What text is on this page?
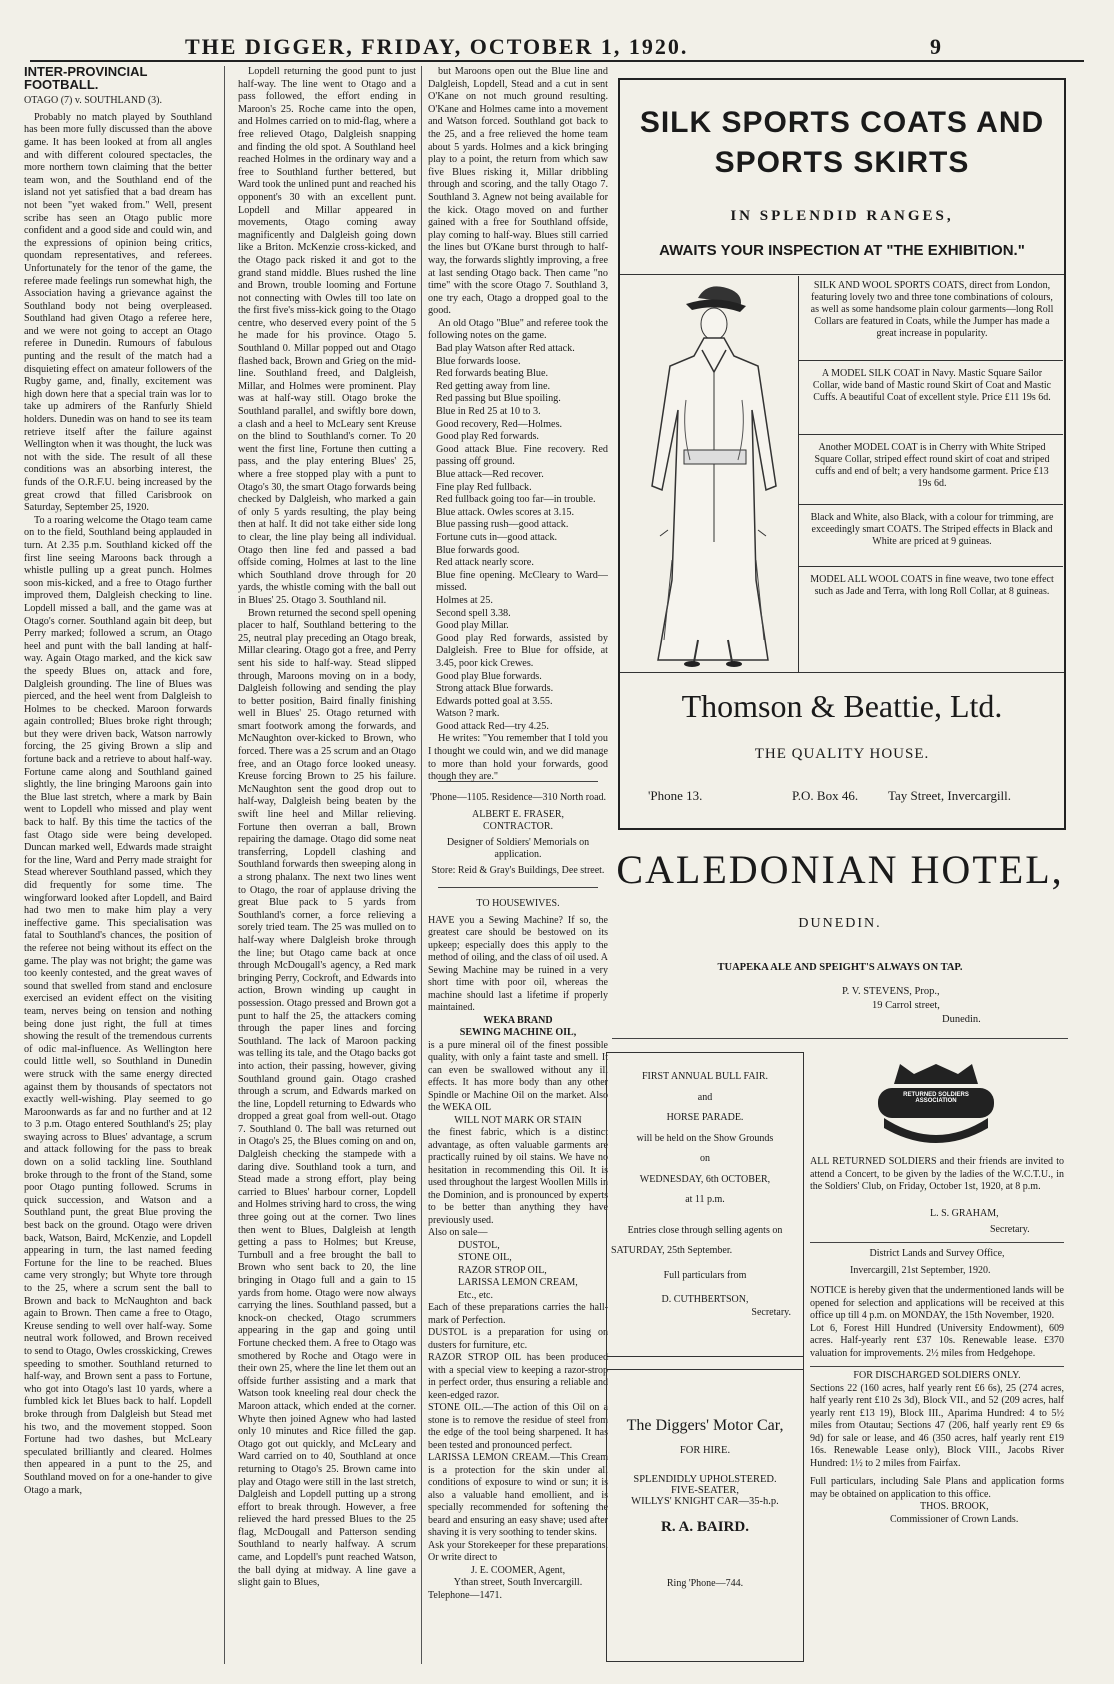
THE DIGGER, FRIDAY, OCTOBER 1, 1920.	9
INTER-PROVINCIAL FOOTBALL.
OTAGO (7) v. SOUTHLAND (3).

Probably no match played by Southland has been more fully discussed than the above game. It has been looked at from all angles and with different coloured spectacles, the more northern town claiming that the better team won, and the Southland end of the island not yet satisfied that a bad dream has not been "yet waked from." Well, present scribe has seen an Otago public more confident and a good side and could win, and the expressions of opinion being critics, quondam representatives, and referees. Unfortunately for the tenor of the game, the referee made feelings run somewhat high, the Association having a grievance against the Southland body not being overpleased. Southland had given Otago a referee here, and we were not going to accept an Otago referee in Dunedin. Rumours of fabulous punting and the result of the match had a disquieting effect on amateur followers of the Rugby game, and, finally, excitement was high down here that a special train was lor to take up admirers of the Ranfurly Shield holders. Dunedin was on hand to see its team retrieve itself after the failure against Wellington when it was thought, the luck was not with the side. The result of all these conditions was an absorbing interest, the funds of the O.R.F.U. being increased by the great crowd that filled Carisbrook on Saturday, September 25, 1920.

To a roaring welcome the Otago team came on to the field, Southland being applauded in turn. At 2.35 p.m. Southland kicked off the first line seeing Maroons back through a whistle pulling up a great punch. Holmes soon mis-kicked, and a free to Otago further improved them, Dalgleish checking to line. Lopdell missed a ball, and the game was at Otago's corner. Southland again bit deep, but Perry marked; followed a scrum, an Otago heel and punt with the ball landing at half-way. Again Otago marked, and the kick saw the speedy Blues on, attack and fore, Dalgleish grounding. The line of Blues was pierced, and the heel went from Dalgleish to Holmes to be checked. Maroon forwards again controlled; Blues broke right through; but they were driven back, Watson narrowly forcing, the 25 giving Brown a slip and fortune back and a retrieve to about half-way. Fortune came along and Southland gained slightly, the line bringing Maroons gain into the Blue last stretch, where a mark by Bain went to Lopdell who missed and play went back to half. By this time the tactics of the fast Otago side were being developed. Duncan marked well, Edwards made straight for the line, Ward and Perry made straight for Stead wherever Southland passed, which they did frequently for some time. The wingforward looked after Lopdell, and Baird had two men to make him play a very ineffective game. This specialisation was fatal to Southland's chances, the position of the referee not being without its effect on the game. The play was not bright; the game was too keenly contested, and the great waves of sound that swelled from stand and enclosure exercised an evident effect on the visiting team, nerves being on tension and nothing being done just right, the full at times showing the result of the tremendous currents of odic mal-influence. As Wellington here could little well, so Southland in Dunedin were struck with the same energy directed against them by thousands of spectators not exactly well-wishing. Play seemed to go Maroonwards as far and no further and at 12 to 3 p.m. Otago entered Southland's 25; play swaying across to Blues' advantage, a scrum and attack following for the pass to break down on a solid tackling line. Southland broke through to the front of the Stand, some poor Otago punting followed. Scrums in quick succession, and Watson and a Southland punt, the great Blue proving the best back on the ground. Otago were driven back, Watson, Baird, McKenzie, and Lopdell appearing in turn, the last named feeding Fortune for the line to be reached. Blues came very strongly; but Whyte tore through to the 25, where a scrum sent the ball to Brown and back to McNaughton and back again to Brown. Then came a free to Otago, Kreuse sending to well over half-way. Some neutral work followed, and Brown received to send to Otago, Owles crosskicking, Crewes speeding to smother. Southland returned to half-way, and Brown sent a pass to Fortune, who got into Otago's last 10 yards, where a fumbled kick let Blues back to half. Lopdell broke through from Dalgleish but Stead met his two, and the movement stopped. Soon Fortune had two dashes, but McLeary speculated brilliantly and cleared. Holmes then appeared in a punt to the 25, and Southland moved on for a one-hander to give Otago a mark,

Lopdell returning the good punt to just half-way. The line went to Otago and a pass followed, the effort ending in Maroon's 25. Roche came into the open, and Holmes carried on to mid-flag, where a free relieved Otago, Dalgleish snapping and finding the old spot. A Southland heel reached Holmes in the ordinary way and a free to Southland further bettered, but Ward took the unlined punt and reached his opponent's 30 with an excellent punt. Lopdell and Millar appeared in movements, Otago coming away magnificently and Dalgleish going down like a Briton. McKenzie cross-kicked, and the Otago pack risked it and got to the grand stand middle. Blues rushed the line and Brown, trouble looming and Fortune not connecting with Owles till too late on the first five's miss-kick going to the Otago centre, who deserved every point of the 5 he made for his province. Otago 5. Southland 0. Millar popped out and Otago flashed back, Brown and Grieg on the mid-line. Southland freed, and Dalgleish, Millar, and Holmes were prominent. Play was at half-way still. Otago broke the Southland parallel, and swiftly bore down, a clash and a heel to McLeary sent Kreuse on the blind to Southland's corner. To 20 went the first line, Fortune then cutting a pass, and the play entering Blues' 25, where a free stopped play with a punt to Otago's 30, the smart Otago forwards being checked by Dalgleish, who marked a gain of only 5 yards resulting, the play being then at half. It did not take either side long to clear, the line play being all individual. Otago then line fed and passed a bad offside coming, Holmes at last to the line which Southland drove through for 20 yards, the whistle coming with the ball out in Blues' 25. Otago 3. Southland nil.

Brown returned the second spell opening placer to half, Southland bettering to the 25, neutral play preceding an Otago break, Millar clearing. Otago got a free, and Perry sent his side to half-way. Stead slipped through, Maroons moving on in a body, Dalgleish following and sending the play to better position, Baird finally finishing well in Blues' 25. Otago returned with smart footwork among the forwards, and McNaughton over-kicked to Brown, who forced. There was a 25 scrum and an Otago free, and an Otago force looked uneasy. Kreuse forcing Brown to 25 his failure. McNaughton sent the good drop out to half-way, Dalgleish being beaten by the swift line heel and Millar relieving. Fortune then overran a ball, Brown repairing the damage. Otago did some neat transferring, Lopdell clashing and Southland forwards then sweeping along in a strong phalanx. The next two lines went to Otago, the roar of applause driving the great Blue pack to 5 yards from Southland's corner, a force relieving a sorely tried team. The 25 was mulled on to half-way where Dalgleish broke through the line; but Otago came back at once through McDougall's agency, a Red mark bringing Perry, Cockroft, and Edwards into action, Brown winding up caught in possession. Otago pressed and Brown got a punt to half the 25, the attackers coming through the paper lines and forcing Southland. The lack of Maroon packing was telling its tale, and the Otago backs got into action, their passing, however, giving Southland ground gain. Otago crashed through a scrum, and Edwards marked on the line, Lopdell returning to Edwards who dropped a great goal from well-out. Otago 7. Southland 0. The ball was returned out in Otago's 25, the Blues coming on and on, Dalgleish checking the stampede with a daring dive. Southland took a turn, and Stead made a strong effort, play being carried to Blues' harbour corner, Lopdell and Holmes striving hard to cross, the wing three going out at the corner. Two lines then went to Blues, Dalgleish at length getting a pass to Holmes; but Kreuse, Turnbull and a free brought the ball to Brown who sent back to 20, the line bringing in Otago full and a gain to 15 yards from home. Otago were now always carrying the lines. Southland passed, but a knock-on checked, Otago scrummers appearing in the gap and going until Fortune checked them. A free to Otago was smothered by Roche and Otago were in their own 25, where the line let them out an offside further assisting and a mark that Watson took kneeling real dour check the Maroon attack, which ended at the corner. Whyte then joined Agnew who had lasted only 10 minutes and Rice filled the gap. Otago got out quickly, and McLeary and Ward carried on to 40, Southland at once returning to Otago's 25. Brown came into play and Otago were still in the last stretch, Dalgleish and Lopdell putting up a strong effort to break through. However, a free relieved the hard pressed Blues to the 25 flag, McDougall and Patterson sending Southland to nearly halfway. A scrum came, and Lopdell's punt reached Watson, the ball dying at midway. A line gave a slight gain to Blues,

but Maroons open out the Blue line and Dalgleish, Lopdell, Stead and a cut in sent O'Kane on not much ground resulting. O'Kane and Holmes came into a movement and Watson forced. Southland got back to the 25, and a free relieved the home team about 5 yards. Holmes and a kick bringing play to a point, the return from which saw five Blues risking it, Millar dribbling through and scoring, and the tally Otago 7. Southland 3. Agnew not being available for the kick. Otago moved on and further gained with a free for Southland offside, play coming to half-way. Blues still carried the lines but O'Kane burst through to half-way, the forwards slightly improving, a free at last sending Otago back. Then came "no time" with the score Otago 7. Southland 3, one try each, Otago a dropped goal to the good.

An old Otago "Blue" and referee took the following notes on the game.

Bad play Watson after Red attack.
Blue forwards loose.
Red forwards beating Blue.
Red getting away from line.
Red passing but Blue spoiling.
Blue in Red 25 at 10 to 3.
Good recovery, Red—Holmes.
Good play Red forwards.
Good attack Blue. Fine recovery. Red passing off ground.
Blue attack—Red recover.
Fine play Red fullback.
Red fullback going too far—in trouble.
Blue attack. Owles scores at 3.15.
Blue passing rush—good attack.
Fortune cuts in—good attack.
Blue forwards good.
Red attack nearly score.
Blue fine opening. McCleary to Ward—missed.
Holmes at 25.
Second spell 3.38.
Good play Millar.
Good play Red forwards, assisted by Dalgleish. Free to Blue for offside, at 3.45, poor kick Crewes.
Good play Blue forwards.
Strong attack Blue forwards.
Edwards potted goal at 3.55.
Watson ? mark.
Good attack Red—try 4.25.

He writes: "You remember that I told you I thought we could win, and we did manage to more than hold your forwards, good though they are."

'Phone—1105. Residence—310 North road.
ALBERT E. FRASER,
CONTRACTOR.
Designer of Soldiers' Memorials on application.
Store: Reid & Gray's Buildings, Dee street.
TO HOUSEWIVES.
HAVE you a Sewing Machine? If so, the greatest care should be bestowed on its upkeep; especially does this apply to the method of oiling, and the class of oil used. A Sewing Machine may be ruined in a very short time with poor oil, whereas the machine should last a lifetime if properly maintained.
WEKA BRAND
SEWING MACHINE OIL,
is a pure mineral oil of the finest possible quality, with only a faint taste and smell. It can even be swallowed without any ill effects. It has more body than any other Spindle or Machine Oil on the market. Also the WEKA OIL
WILL NOT MARK OR STAIN
the finest fabric, which is a distinct advantage, as often valuable garments are practically ruined by oil stains. We have no hesitation in recommending this Oil. It is used throughout the largest Woollen Mills in the Dominion, and is pronounced by experts to be better than anything they have previously used.
Also on sale—
DUSTOL,
STONE OIL,
RAZOR STROP OIL,
LARISSA LEMON CREAM,
Etc., etc.
Each of these preparations carries the hall-mark of Perfection.
DUSTOL is a preparation for using on dusters for furniture, etc.
RAZOR STROP OIL has been produced with a special view to keeping a razor-strop in perfect order, thus ensuring a reliable and keen-edged razor.
STONE OIL.—The action of this Oil on a stone is to remove the residue of steel from the edge of the tool being sharpened. It has been tested and pronounced perfect.
LARISSA LEMON CREAM.—This Cream is a protection for the skin under all conditions of exposure to wind or sun; it is also a valuable hand emollient, and is specially recommended for softening the beard and ensuring an easy shave; used after shaving it is very soothing to tender skins.
Ask your Storekeeper for these preparations. Or write direct to
J. E. COOMER, Agent,
Ythan street, South Invercargill.
Telephone—1471.
SILK SPORTS COATS AND
SPORTS SKIRTS
IN SPLENDID RANGES,
AWAITS YOUR INSPECTION AT "THE EXHIBITION."
SILK AND WOOL SPORTS COATS, direct from London, featuring lovely two and three tone combinations of colours, as well as some handsome plain colour garments—long Roll Collars are featured in Coats, while the Jumper has made a great increase in popularity.
A MODEL SILK COAT in Navy. Mastic Square Sailor Collar, wide band of Mastic round Skirt of Coat and Mastic Cuffs. A beautiful Coat of excellent style. Price £11 19s 6d.
Another MODEL COAT is in Cherry with White Striped Square Collar, striped effect round skirt of coat and striped cuffs and end of belt; a very handsome garment. Price £13 19s 6d.
Black and White, also Black, with a colour for trimming, are exceedingly smart COATS. The Striped effects in Black and White are priced at 9 guineas.
MODEL ALL WOOL COATS in fine weave, two tone effect such as Jade and Terra, with long Roll Collar, at 8 guineas.
Thomson & Beattie, Ltd.
THE QUALITY HOUSE.
'Phone 13.	P.O. Box 46. Tay Street, Invercargill.
CALEDONIAN HOTEL,
DUNEDIN.
TUAPEKA ALE AND SPEIGHT'S ALWAYS ON TAP.
P. V. STEVENS, Prop.,
19 Carrol street,
Dunedin.
FIRST ANNUAL BULL FAIR.
and
HORSE PARADE.
will be held on the Show Grounds
on
WEDNESDAY, 6th OCTOBER,
at 11 p.m.
Entries close through selling agents on
SATURDAY, 25th September.
Full particulars from
D. CUTHBERTSON,
Secretary.
The Diggers' Motor Car,
FOR HIRE.
SPLENDIDLY UPHOLSTERED.
FIVE-SEATER,
WILLYS' KNIGHT CAR—35-h.p.
R. A. BAIRD.
Ring 'Phone—744.
RETURNED SOLDIERS ASSOCIATION
ALL RETURNED SOLDIERS and their friends are invited to attend a Concert, to be given by the ladies of the W.C.T.U., in the Soldiers' Club, on Friday, October 1st, 1920, at 8 p.m.
L. S. GRAHAM,
Secretary.
District Lands and Survey Office,
Invercargill, 21st September, 1920.
NOTICE is hereby given that the undermentioned lands will be opened for selection and applications will be received at this office up till 4 p.m. on MONDAY, the 15th November, 1920.
Lot 6, Forest Hill Hundred (University Endowment), 609 acres. Half-yearly rent £37 10s. Renewable lease. £370 valuation for improvements. 2½ miles from Hedgehope.
FOR DISCHARGED SOLDIERS ONLY.
Sections 22 (160 acres, half yearly rent £6 6s), 25 (274 acres, half yearly rent £10 2s 3d), Block VII., and 52 (209 acres, half yearly rent £13 19), Block III., Aparima Hundred: 4 to 5½ miles from Otautau; Sections 47 (206, half yearly rent £9 6s 9d) for sale or lease, and 46 (350 acres, half yearly rent £19 16s. Renewable Lease only), Block VIII., Jacobs River Hundred: 1½ to 2 miles from Fairfax.
Full particulars, including Sale Plans and application forms may be obtained on application to this office.
THOS. BROOK,
Commissioner of Crown Lands.
